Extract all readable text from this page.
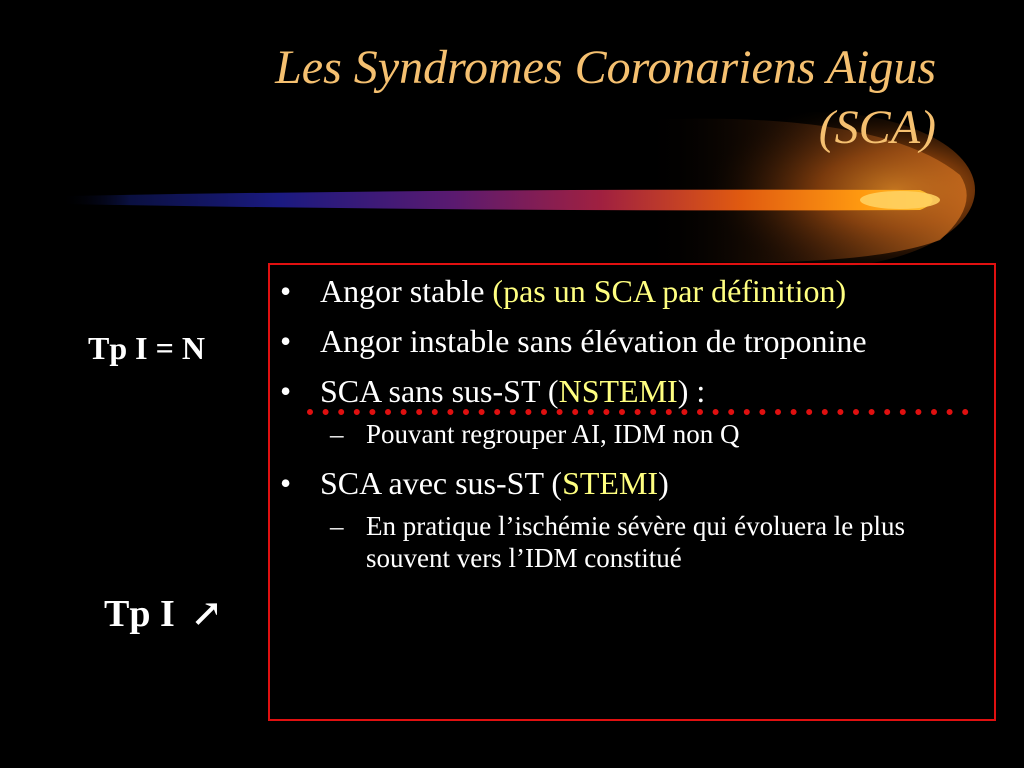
Les Syndromes Coronariens Aigus
(SCA)

Tp I = N

Tp I ↗

• Angor stable (pas un SCA par définition)
• Angor instable sans élévation de troponine
• SCA sans sus-ST (NSTEMI) :
– Pouvant regrouper AI, IDM non Q
• SCA avec sus-ST (STEMI)
– En pratique l’ischémie sévère qui évoluera le plus souvent vers l’IDM constitué
